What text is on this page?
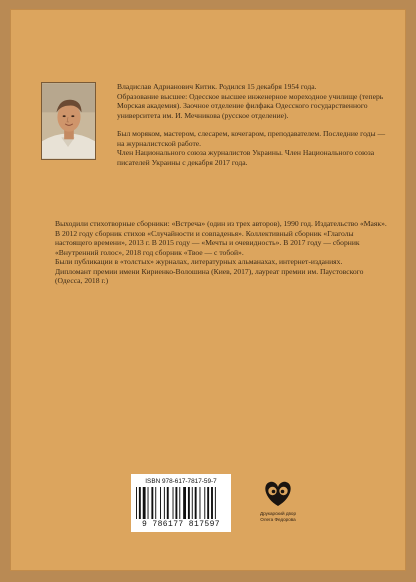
Владислав Адрианович Китик. Родился 15 декабря 1954 года.

Образование высшее: Одесское высшее инженерное мореходное училище (теперь Морская академия). Заочное отделение филфака Одесского государственного университета им. И. Мечникова (русское отделение).

Был моряком, мастером, слесарем, кочегаром, преподавателем. Последние годы — на журналистской работе.

Член Национального союза журналистов Украины. Член Национального союза писателей Украины с декабря 2017 года.

Выходили стихотворные сборники: «Встреча» (один из трех авторов), 1990 год. Издательство «Маяк». В 2012 году сборник стихов «Случайности и совпаденья». Коллективный сборник «Глаголы настоящего времени», 2013 г. В 2015 году — «Мечты и очевидность». В 2017 году — сборник «Внутренний голос», 2018 год сборник «Твое — с тобой».

Были публикации в «толстых» журналах, литературных альманахах, интернет-изданиях.

Дипломант премии имени Кириенко-Волошина (Киев, 2017), лауреат премии им. Паустовского (Одесса, 2018 г.)

ISBN 978-617-7817-59-7
9 786177 817597
Друкарский двор
Олега Федорова
